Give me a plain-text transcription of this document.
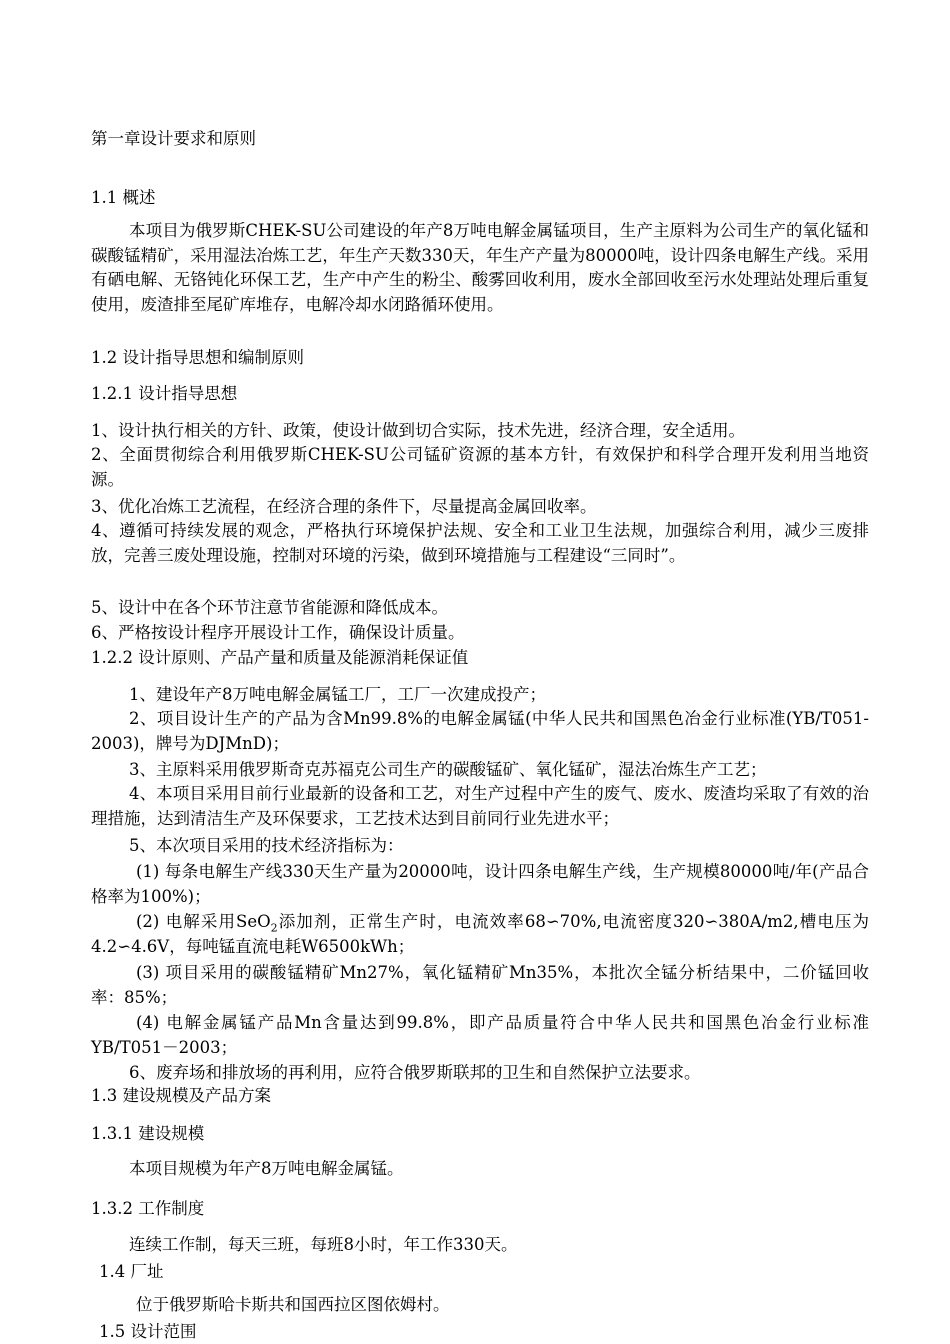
第一章设计要求和原则
1.1 概述
本项目为俄罗斯CHEK-SU公司建设的年产8万吨电解金属锰项目，生产主原料为公司生产的氧化锰和碳酸锰精矿，采用湿法冶炼工艺，年生产天数330天，年生产产量为80000吨，设计四条电解生产线。采用有硒电解、无铬钝化环保工艺，生产中产生的粉尘、酸雾回收利用，废水全部回收至污水处理站处理后重复使用，废渣排至尾矿库堆存，电解冷却水闭路循环使用。
1.2 设计指导思想和编制原则
1.2.1 设计指导思想
1、设计执行相关的方针、政策，使设计做到切合实际，技术先进，经济合理，安全适用。
2、全面贯彻综合利用俄罗斯CHEK-SU公司锰矿资源的基本方针，有效保护和科学合理开发利用当地资源。
3、优化冶炼工艺流程，在经济合理的条件下，尽量提高金属回收率。
4、遵循可持续发展的观念，严格执行环境保护法规、安全和工业卫生法规，加强综合利用，减少三废排放，完善三废处理设施，控制对环境的污染，做到环境措施与工程建设“三同时”。
5、设计中在各个环节注意节省能源和降低成本。
6、严格按设计程序开展设计工作，确保设计质量。
1.2.2 设计原则、产品产量和质量及能源消耗保证值
1、建设年产8万吨电解金属锰工厂，工厂一次建成投产；
2、项目设计生产的产品为含Mn99.8%的电解金属锰(中华人民共和国黑色冶金行业标准(YB/T051-2003)，牌号为DJMnD)；
3、主原料采用俄罗斯奇克苏福克公司生产的碳酸锰矿、氧化锰矿，湿法冶炼生产工艺；
4、本项目采用目前行业最新的设备和工艺，对生产过程中产生的废气、废水、废渣均采取了有效的治理措施，达到清洁生产及环保要求，工艺技术达到目前同行业先进水平；
5、本次项目采用的技术经济指标为：
(1) 每条电解生产线330天生产量为20000吨，设计四条电解生产线，生产规模80000吨/年(产品合格率为100%)；
(2) 电解采用SeO$_2$添加剂，正常生产时，电流效率68∽70%,电流密度320∽380A/m2,槽电压为4.2∽4.6V，每吨锰直流电耗W6500kWh；
(3) 项目采用的碳酸锰精矿Mn27%，氧化锰精矿Mn35%，本批次全锰分析结果中，二价锰回收率：85%；
(4) 电解金属锰产品Mn含量达到99.8%，即产品质量符合中华人民共和国黑色冶金行业标准YB/T051－2003；
6、废弃场和排放场的再利用，应符合俄罗斯联邦的卫生和自然保护立法要求。
1.3 建设规模及产品方案
1.3.1 建设规模
本项目规模为年产8万吨电解金属锰。
1.3.2 工作制度
连续工作制，每天三班，每班8小时，年工作330天。
1.4 厂址
位于俄罗斯哈卡斯共和国西拉区图依姆村。
1.5 设计范围
